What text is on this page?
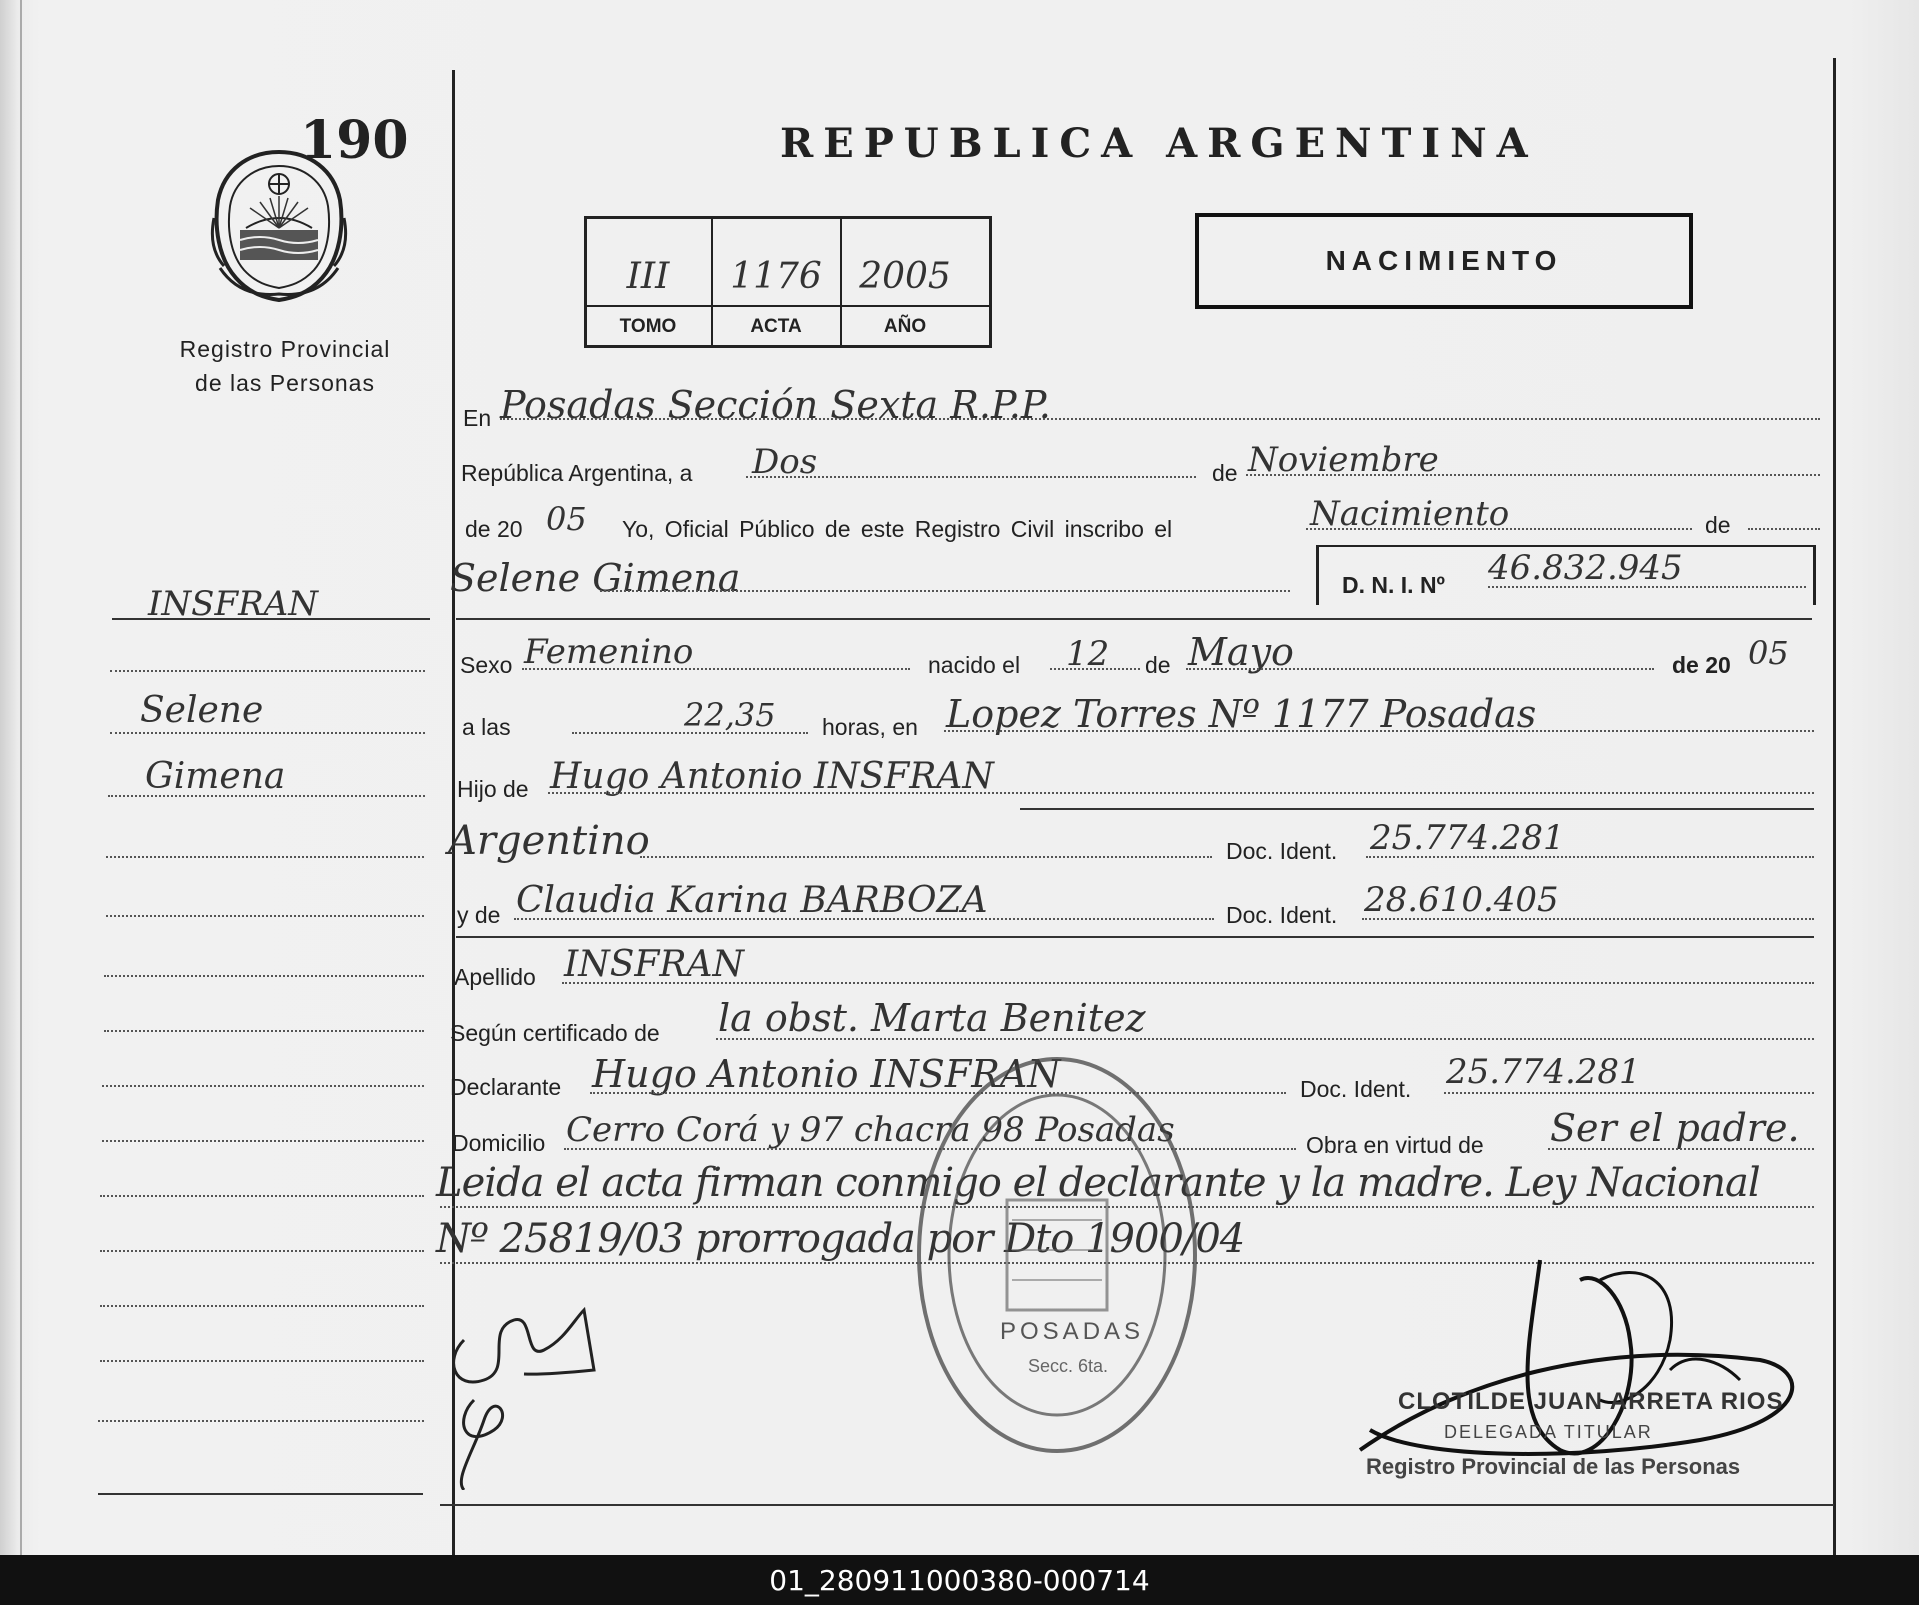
190
Registro Provincial
de las Personas
REPUBLICA ARGENTINA
III	1176	2005
TOMO	ACTA	AÑO
NACIMIENTO
INSFRAN
Selene
Gimena
En Posadas Sección Sexta R.P.P.
República Argentina, a Dos	de Noviembre
de 20 05 Yo, Oficial Público de este Registro Civil inscribo el	Nacimiento	de
Selene Gimena	D. N. I. Nº 46.832.945
Sexo Femenino	nacido el 12 de Mayo	de 20 05
a las	22,35 horas, en Lopez Torres Nº 1177 Posadas
Hijo de Hugo Antonio INSFRAN
Argentino	Doc. Ident. 25.774.281
y de Claudia Karina BARBOZA	Doc. Ident. 28.610.405
Apellido INSFRAN
Según certificado de la obst. Marta Benitez
Declarante Hugo Antonio INSFRAN	Doc. Ident. 25.774.281
Domicilio Cerro Corá y 97 chacra 98 Posadas	Obra en virtud de Ser el padre.
Leida el acta firman conmigo el declarante y la madre. Ley Nacional
Nº 25819/03 prorrogada por Dto 1900/04
POSADAS
Secc. 6ta.
CLOTILDE JUAN ARRETA RIOS
DELEGADA TITULAR
Registro Provincial de las Personas
01_280911000380-000714
